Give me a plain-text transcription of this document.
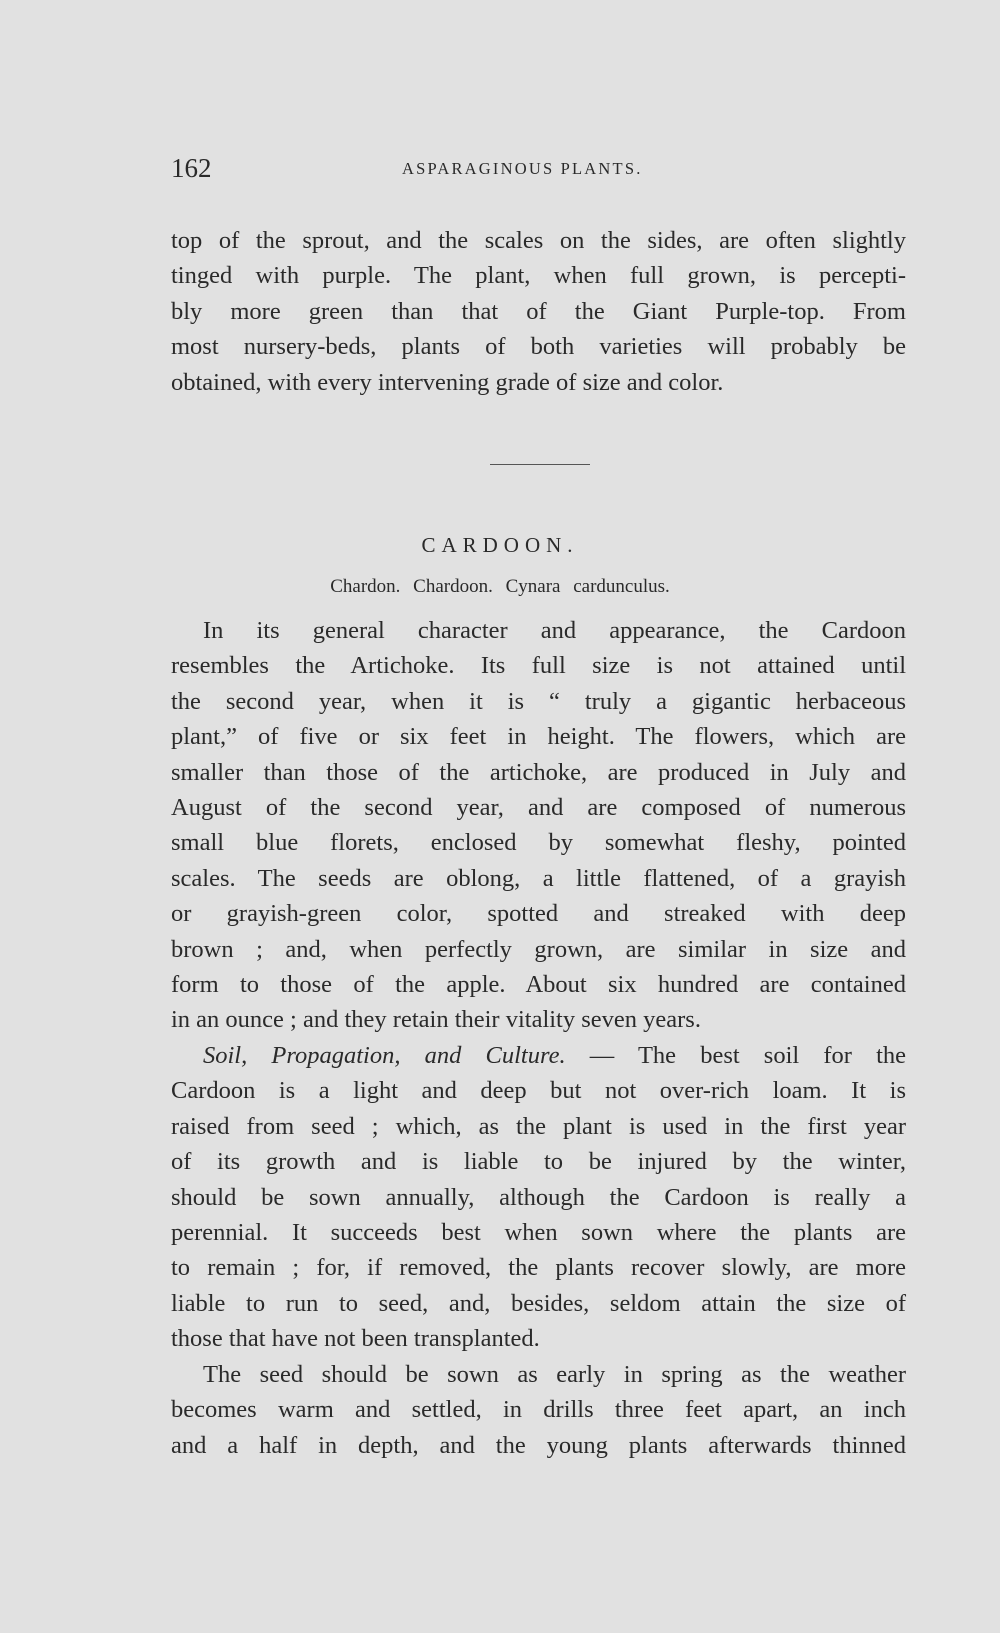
162	ASPARAGINOUS PLANTS.
top of the sprout, and the scales on the sides, are often slightly
tinged with purple. The plant, when full grown, is percepti-
bly more green than that of the Giant Purple-top. From
most nursery-beds, plants of both varieties will probably be
obtained, with every intervening grade of size and color.
CARDOON.
Chardon. Chardoon. Cynara cardunculus.
In its general character and appearance, the Cardoon
resembles the Artichoke. Its full size is not attained until
the second year, when it is “ truly a gigantic herbaceous
plant,” of five or six feet in height. The flowers, which are
smaller than those of the artichoke, are produced in July and
August of the second year, and are composed of numerous
small blue florets, enclosed by somewhat fleshy, pointed
scales. The seeds are oblong, a little flattened, of a grayish
or grayish-green color, spotted and streaked with deep
brown ; and, when perfectly grown, are similar in size and
form to those of the apple. About six hundred are contained
in an ounce ; and they retain their vitality seven years.
Soil, Propagation, and Culture. — The best soil for the
Cardoon is a light and deep but not over-rich loam. It is
raised from seed ; which, as the plant is used in the first year
of its growth and is liable to be injured by the winter,
should be sown annually, although the Cardoon is really a
perennial. It succeeds best when sown where the plants are
to remain ; for, if removed, the plants recover slowly, are more
liable to run to seed, and, besides, seldom attain the size of
those that have not been transplanted.
The seed should be sown as early in spring as the weather
becomes warm and settled, in drills three feet apart, an inch
and a half in depth, and the young plants afterwards thinned
